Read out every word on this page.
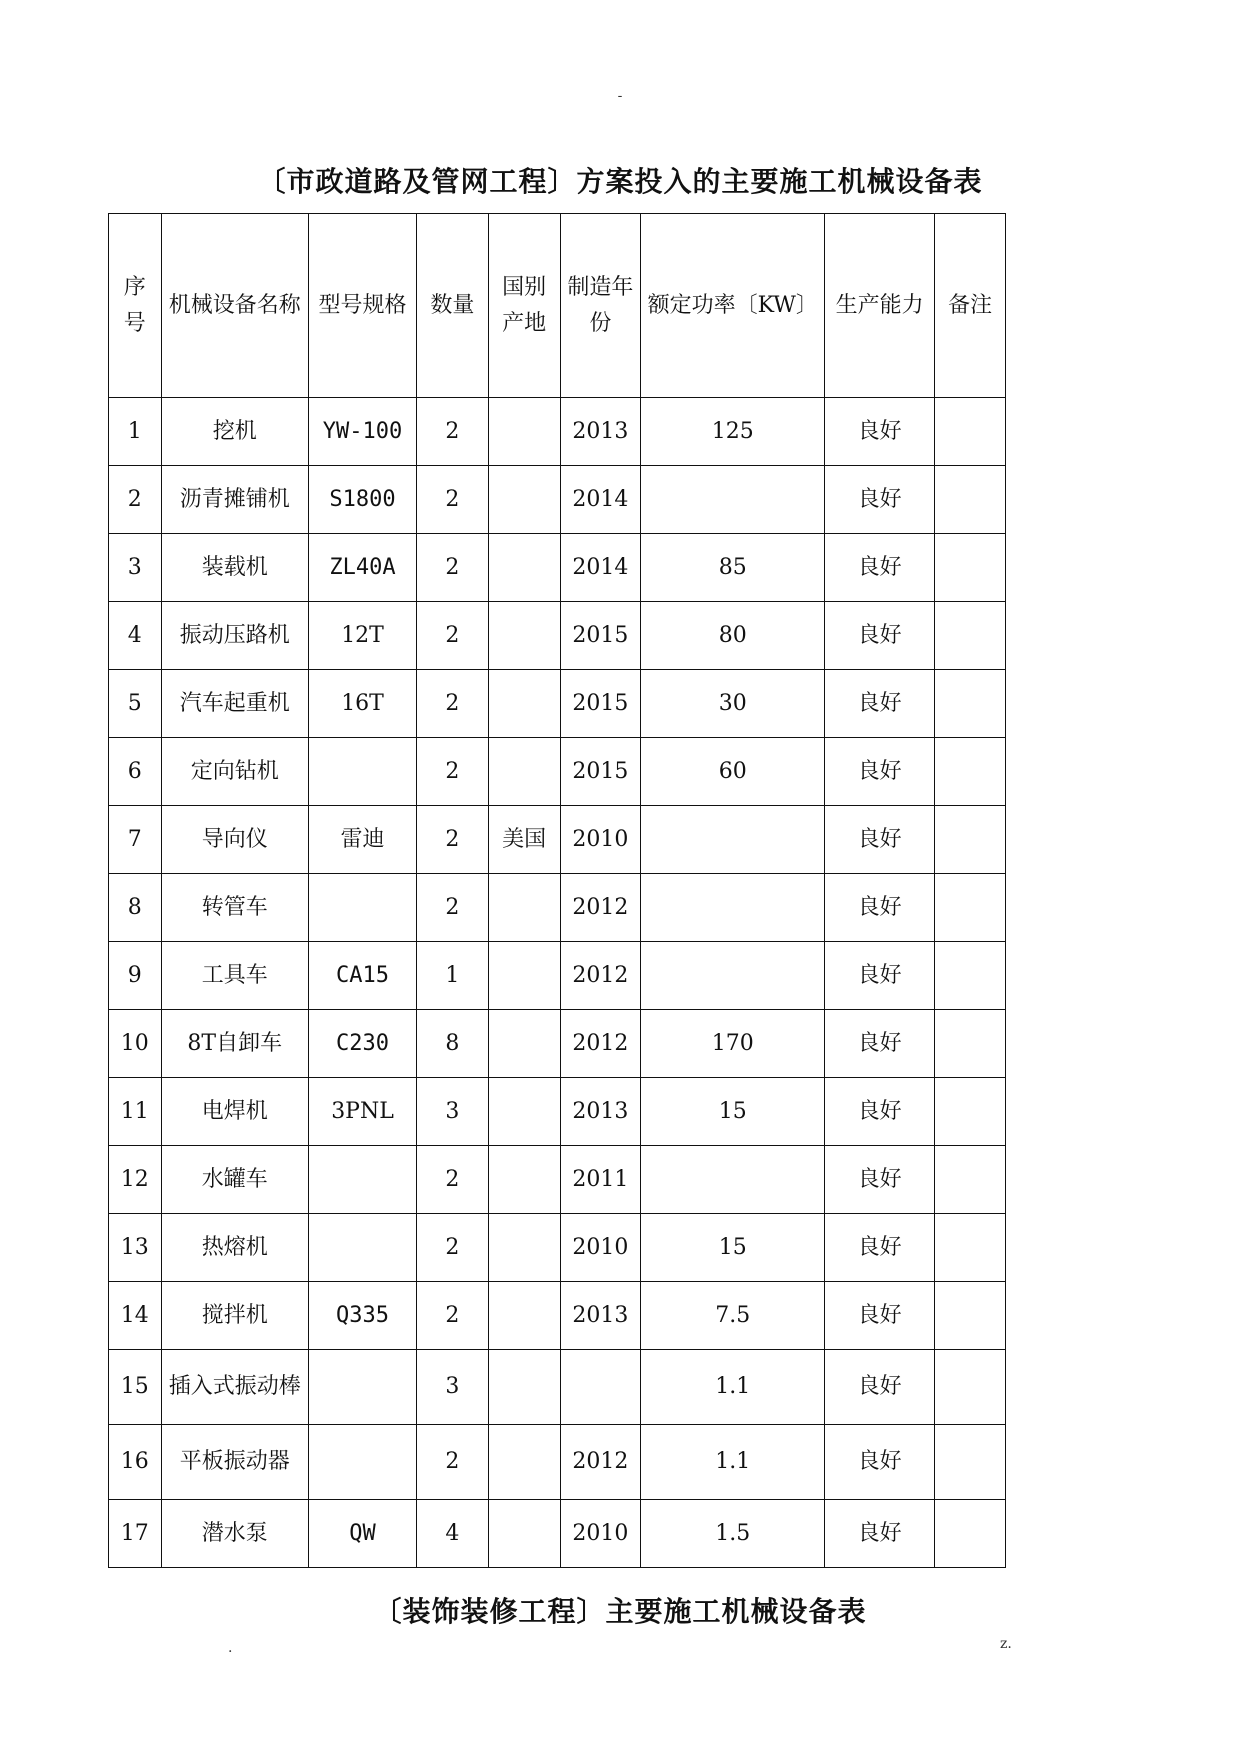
-
〔市政道路及管网工程〕方案投入的主要施工机械设备表
序号	机械设备名称	型号规格	数量	国别产地	制造年份	额定功率〔KW〕	生产能力	备注
1	挖机	YW-100	2		2013	125	良好	
2	沥青摊铺机	S1800	2		2014		良好	
3	装载机	ZL40A	2		2014	85	良好	
4	振动压路机	12T	2		2015	80	良好	
5	汽车起重机	16T	2		2015	30	良好	
6	定向钻机		2		2015	60	良好	
7	导向仪	雷迪	2	美国	2010		良好	
8	转管车		2		2012		良好	
9	工具车	CA15	1		2012		良好	
10	8T自卸车	C230	8		2012	170	良好	
11	电焊机	3PNL	3		2013	15	良好	
12	水罐车		2		2011		良好	
13	热熔机		2		2010	15	良好	
14	搅拌机	Q335	2		2013	7.5	良好	
15	插入式振动棒		3			1.1	良好	
16	平板振动器		2		2012	1.1	良好	
17	潜水泵	QW	4		2010	1.5	良好	
〔装饰装修工程〕主要施工机械设备表
.	z.
